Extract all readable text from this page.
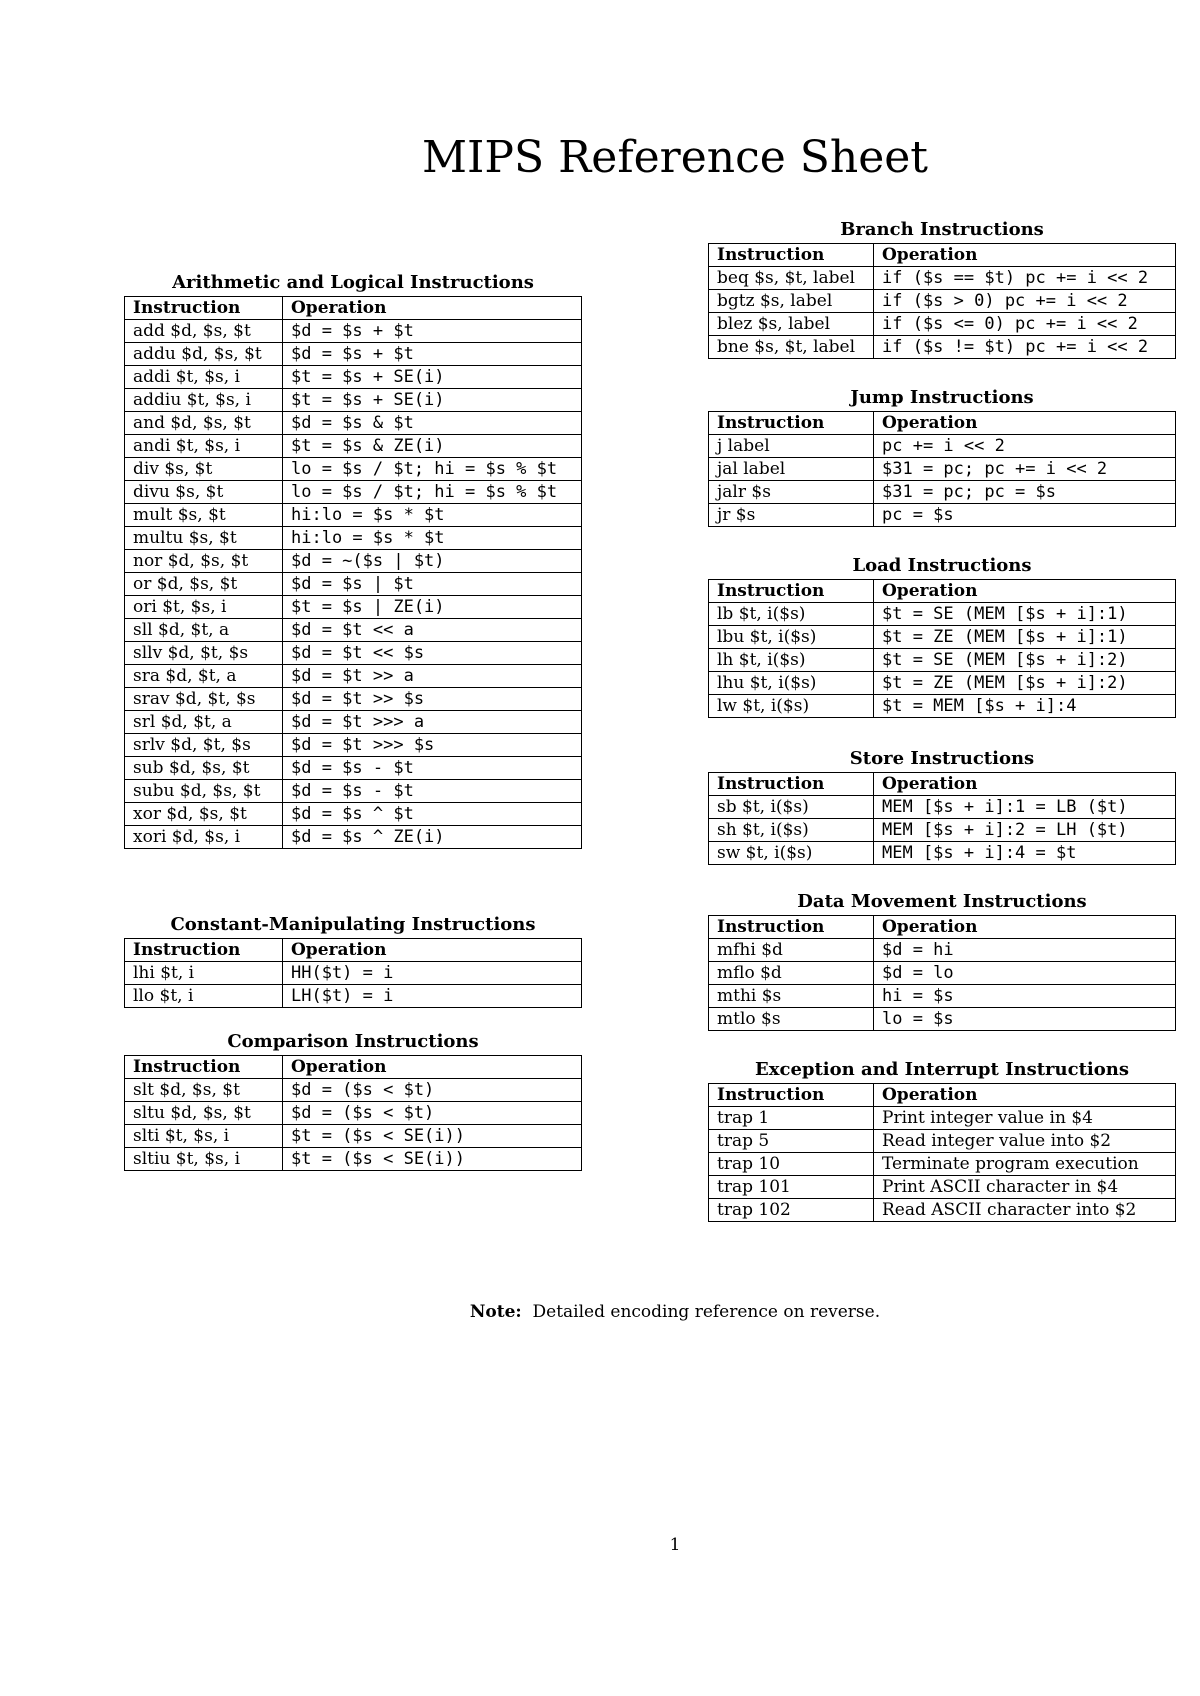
MIPS Reference Sheet
Arithmetic and Logical Instructions
Instruction	Operation
add $d, $s, $t	$d = $s + $t
addu $d, $s, $t	$d = $s + $t
addi $t, $s, i	$t = $s + SE(i)
addiu $t, $s, i	$t = $s + SE(i)
and $d, $s, $t	$d = $s & $t
andi $t, $s, i	$t = $s & ZE(i)
div $s, $t	lo = $s / $t; hi = $s % $t
divu $s, $t	lo = $s / $t; hi = $s % $t
mult $s, $t	hi:lo = $s * $t
multu $s, $t	hi:lo = $s * $t
nor $d, $s, $t	$d = ~($s | $t)
or $d, $s, $t	$d = $s | $t
ori $t, $s, i	$t = $s | ZE(i)
sll $d, $t, a	$d = $t << a
sllv $d, $t, $s	$d = $t << $s
sra $d, $t, a	$d = $t >> a
srav $d, $t, $s	$d = $t >> $s
srl $d, $t, a	$d = $t >>> a
srlv $d, $t, $s	$d = $t >>> $s
sub $d, $s, $t	$d = $s - $t
subu $d, $s, $t	$d = $s - $t
xor $d, $s, $t	$d = $s ^ $t
xori $d, $s, i	$d = $s ^ ZE(i)
Constant-Manipulating Instructions
Instruction	Operation
lhi $t, i	HH($t) = i
llo $t, i	LH($t) = i
Comparison Instructions
Instruction	Operation
slt $d, $s, $t	$d = ($s < $t)
sltu $d, $s, $t	$d = ($s < $t)
slti $t, $s, i	$t = ($s < SE(i))
sltiu $t, $s, i	$t = ($s < SE(i))
Branch Instructions
Instruction	Operation
beq $s, $t, label	if ($s == $t) pc += i << 2
bgtz $s, label	if ($s > 0) pc += i << 2
blez $s, label	if ($s <= 0) pc += i << 2
bne $s, $t, label	if ($s != $t) pc += i << 2
Jump Instructions
Instruction	Operation
j label	pc += i << 2
jal label	$31 = pc; pc += i << 2
jalr $s	$31 = pc; pc = $s
jr $s	pc = $s
Load Instructions
Instruction	Operation
lb $t, i($s)	$t = SE (MEM [$s + i]:1)
lbu $t, i($s)	$t = ZE (MEM [$s + i]:1)
lh $t, i($s)	$t = SE (MEM [$s + i]:2)
lhu $t, i($s)	$t = ZE (MEM [$s + i]:2)
lw $t, i($s)	$t = MEM [$s + i]:4
Store Instructions
Instruction	Operation
sb $t, i($s)	MEM [$s + i]:1 = LB ($t)
sh $t, i($s)	MEM [$s + i]:2 = LH ($t)
sw $t, i($s)	MEM [$s + i]:4 = $t
Data Movement Instructions
Instruction	Operation
mfhi $d	$d = hi
mflo $d	$d = lo
mthi $s	hi = $s
mtlo $s	lo = $s
Exception and Interrupt Instructions
Instruction	Operation
trap 1	Print integer value in $4
trap 5	Read integer value into $2
trap 10	Terminate program execution
trap 101	Print ASCII character in $4
trap 102	Read ASCII character into $2
Note: Detailed encoding reference on reverse.
1
